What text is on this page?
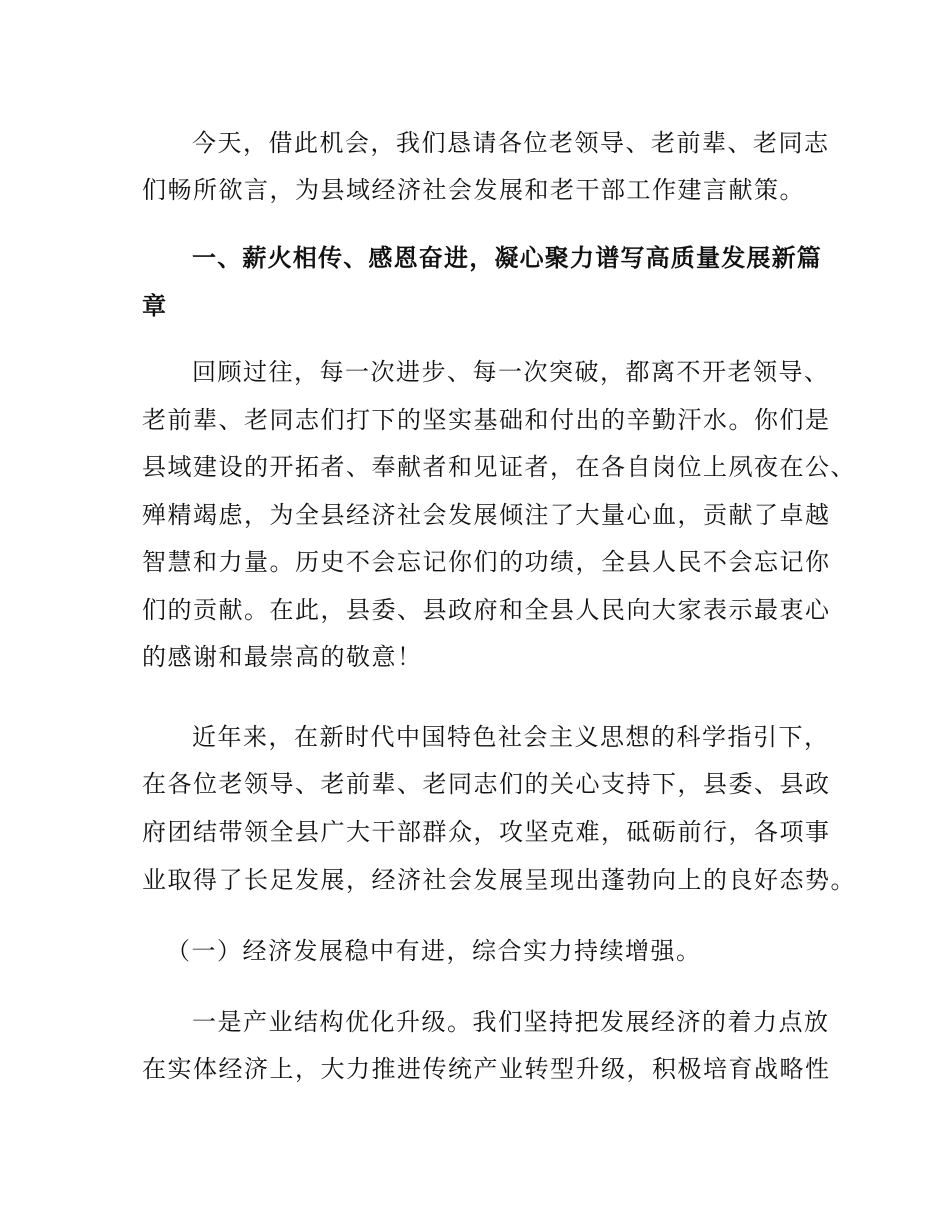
今天，借此机会，我们恳请各位老领导、老前辈、老同志
们畅所欲言，为县域经济社会发展和老干部工作建言献策。
一、薪火相传、感恩奋进，凝心聚力谱写高质量发展新篇
章
回顾过往，每一次进步、每一次突破，都离不开老领导、
老前辈、老同志们打下的坚实基础和付出的辛勤汗水。你们是
县域建设的开拓者、奉献者和见证者，在各自岗位上夙夜在公、
殚精竭虑，为全县经济社会发展倾注了大量心血，贡献了卓越
智慧和力量。历史不会忘记你们的功绩，全县人民不会忘记你
们的贡献。在此，县委、县政府和全县人民向大家表示最衷心
的感谢和最崇高的敬意！
近年来，在新时代中国特色社会主义思想的科学指引下，
在各位老领导、老前辈、老同志们的关心支持下，县委、县政
府团结带领全县广大干部群众，攻坚克难，砥砺前行，各项事
业取得了长足发展，经济社会发展呈现出蓬勃向上的良好态势。
（一）经济发展稳中有进，综合实力持续增强。
一是产业结构优化升级。我们坚持把发展经济的着力点放
在实体经济上，大力推进传统产业转型升级，积极培育战略性
